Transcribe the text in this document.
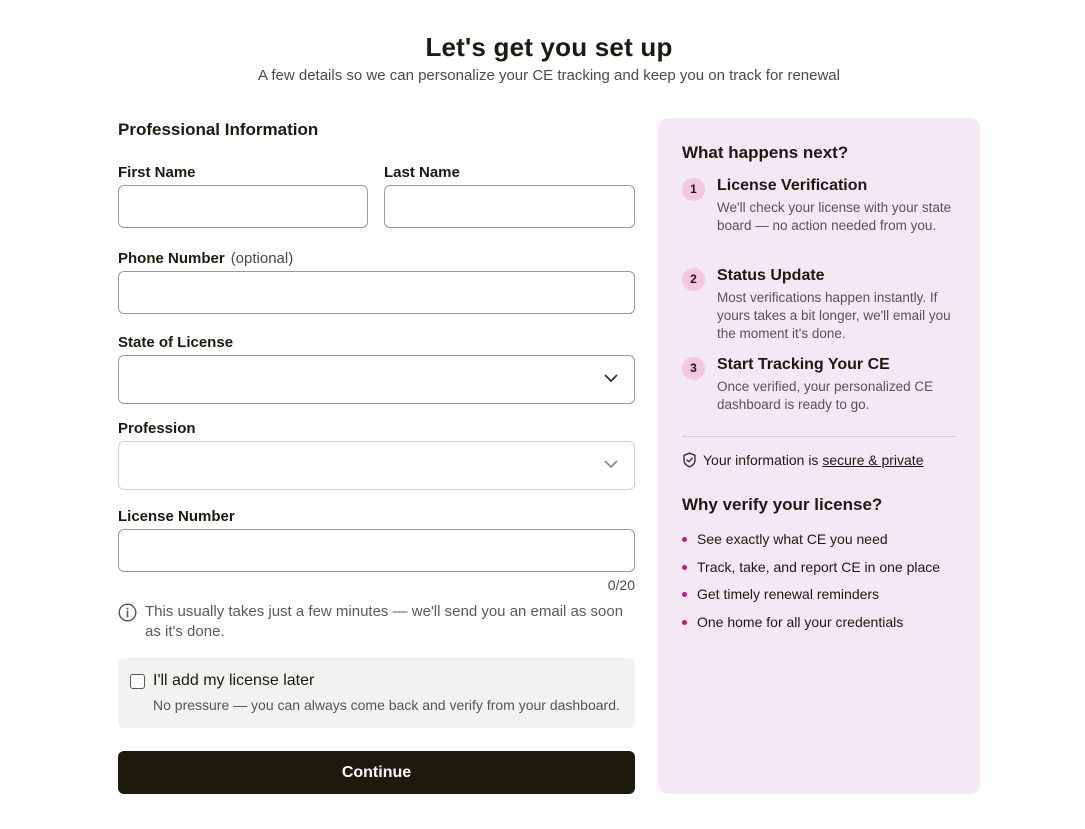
Let's get you set up

A few details so we can personalize your CE tracking and keep you on track for renewal

Professional Information
First Name	Last Name
Phone Number (optional)
State of License
Profession
License Number
0/20
This usually takes just a few minutes — we'll send you an email as soon as it's done.
I'll add my license later
No pressure — you can always come back and verify from your dashboard.
Continue
What happens next?
1	License Verification
We'll check your license with your state board — no action needed from you.
2	Status Update
Most verifications happen instantly. If yours takes a bit longer, we'll email you the moment it's done.
3	Start Tracking Your CE
Once verified, your personalized CE dashboard is ready to go.
Your information is secure & private
Why verify your license?
See exactly what CE you need
Track, take, and report CE in one place
Get timely renewal reminders
One home for all your credentials
